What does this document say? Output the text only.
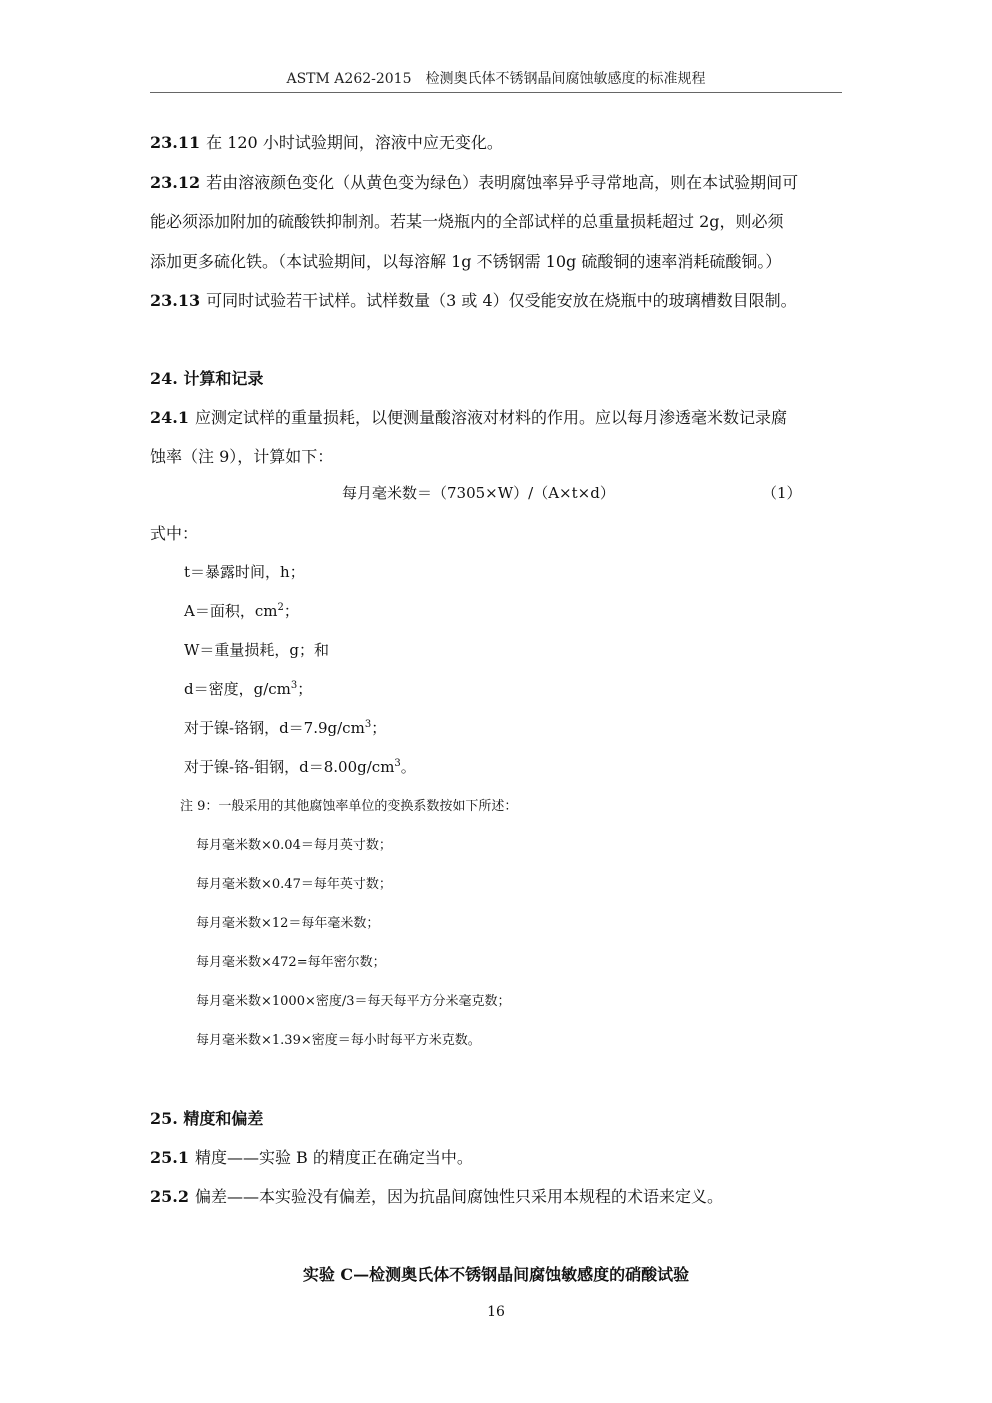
ASTM A262-2015　检测奥氏体不锈钢晶间腐蚀敏感度的标准规程
23.11 在 120 小时试验期间，溶液中应无变化。
23.12 若由溶液颜色变化（从黄色变为绿色）表明腐蚀率异乎寻常地高，则在本试验期间可
能必须添加附加的硫酸铁抑制剂。若某一烧瓶内的全部试样的总重量损耗超过 2g，则必须
添加更多硫化铁。（本试验期间，以每溶解 1g 不锈钢需 10g 硫酸铜的速率消耗硫酸铜。）
23.13 可同时试验若干试样。试样数量（3 或 4）仅受能安放在烧瓶中的玻璃槽数目限制。
24. 计算和记录
24.1 应测定试样的重量损耗，以便测量酸溶液对材料的作用。应以每月渗透毫米数记录腐
蚀率（注 9），计算如下：
每月毫米数＝（7305×W）/（A×t×d）	（1）
式中：
t＝暴露时间，h；
A＝面积，$cm^2$；
W＝重量损耗，g；和
d＝密度，$g/cm^3$；
对于镍-铬钢，$d=7.9g/cm^3$；
对于镍-铬-钼钢，$d=8.00g/cm^3$。
注 9：一般采用的其他腐蚀率单位的变换系数按如下所述：
每月毫米数×0.04＝每月英寸数；
每月毫米数×0.47＝每年英寸数；
每月毫米数×12＝每年毫米数；
每月毫米数×472=每年密尔数；
每月毫米数×1000×密度/3＝每天每平方分米毫克数；
每月毫米数×1.39×密度＝每小时每平方米克数。
25. 精度和偏差
25.1 精度——实验 B 的精度正在确定当中。
25.2 偏差——本实验没有偏差，因为抗晶间腐蚀性只采用本规程的术语来定义。
实验 C—检测奥氏体不锈钢晶间腐蚀敏感度的硝酸试验
16
